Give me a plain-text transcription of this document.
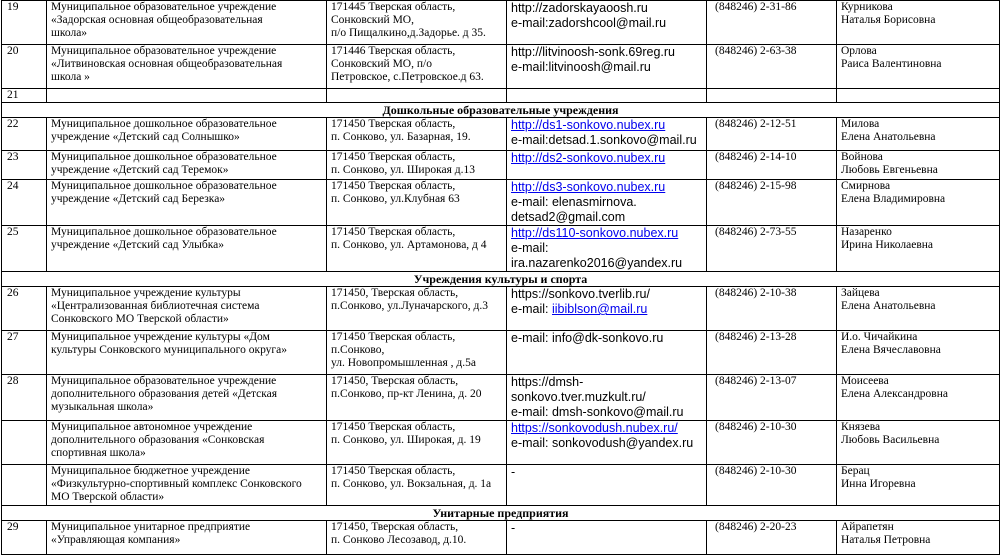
19	Муниципальное образовательное учреждение
«Задорская основная общеобразовательная
школа»	171445 Тверская область,
Сонковский МО,
п/о Пищалкино,д.Задорье. д 35.	http://zadorskayaoosh.ru
e-mail:zadorshcool@mail.ru	(848246) 2-31-86	Курникова
Наталья Борисовна

20	Муниципальное образовательное учреждение
«Литвиновская основная общеобразовательная
школа »	171446 Тверская область,
Сонковский МО, п/о
Петровское, с.Петровское.д 63.	http://litvinoosh-sonk.69reg.ru
e-mail:litvinoosh@mail.ru	(848246) 2-63-38	Орлова
Раиса Валентиновна

21					
Дошкольные образовательные учреждения					
22	Муниципальное дошкольное образовательное
учреждение «Детский сад Солнышко»	171450 Тверская область,
п. Сонково, ул. Базарная, 19.	http://ds1-sonkovo.nubex.ru
e-mail:detsad.1.sonkovo@mail.ru	(848246) 2-12-51	Милова
Елена Анатольевна

23	Муниципальное дошкольное образовательное
учреждение «Детский сад Теремок»	171450 Тверская область,
п. Сонково, ул. Широкая д.13	http://ds2-sonkovo.nubex.ru	(848246) 2-14-10	Войнова
Любовь Евгеньевна

24	Муниципальное дошкольное образовательное
учреждение «Детский сад Березка»	171450 Тверская область,
п. Сонково, ул.Клубная 63	http://ds3-sonkovo.nubex.ru
e-mail: elenasmirnova.
detsad2@gmail.com	(848246) 2-15-98	Смирнова
Елена Владимировна

25	Муниципальное дошкольное образовательное
учреждение «Детский сад Улыбка»	171450 Тверская область,
п. Сонково, ул. Артамонова, д 4	http://ds110-sonkovo.nubex.ru
e-mail:
ira.nazarenko2016@yandex.ru	(848246) 2-73-55	Назаренко
Ирина Николаевна

Учреждения культуры и спорта					
26	Муниципальное учреждение культуры
«Централизованная библиотечная система
Сонковского МО Тверской области»	171450, Тверская область,
п.Сонково, ул.Луначарского, д.3	https://sonkovo.tverlib.ru/
e-mail: iibiblson@mail.ru	(848246) 2-10-38	Зайцева
Елена Анатольевна

27	Муниципальное учреждение культуры «Дом
культуры Сонковского муниципального округа»	171450 Тверская область,
п.Сонково,
ул. Новопромышленная , д.5а	e-mail: info@dk-sonkovo.ru	(848246) 2-13-28	И.о. Чичайкина
Елена Вячеславовна

28	Муниципальное образовательное учреждение
дополнительного образования детей «Детская
музыкальная школа»	171450, Тверская область,
п.Сонково, пр-кт Ленина, д. 20	https://dmsh-
sonkovo.tver.muzkult.ru/
e-mail: dmsh-sonkovo@mail.ru	(848246) 2-13-07	Моисеева
Елена Александровна

	Муниципальное автономное учреждение
дополнительного образования «Сонковская
спортивная школа»	171450 Тверская область,
п. Сонково, ул. Широкая, д. 19	https://sonkovodush.nubex.ru/
e-mail: sonkovodush@yandex.ru	(848246) 2-10-30	Князева
Любовь Васильевна

	Муниципальное бюджетное учреждение
«Физкультурно-спортивный комплекс Сонковского
МО Тверской области»	171450 Тверская область,
п. Сонково, ул. Вокзальная, д. 1а	-	(848246) 2-10-30	Берац
Инна Игоревна

Унитарные предприятия					
29	Муниципальное унитарное предприятие
«Управляющая компания»	171450, Тверская область,
п. Сонково Лесозавод, д.10.	-	(848246) 2-20-23	Айрапетян
Наталья Петровна
